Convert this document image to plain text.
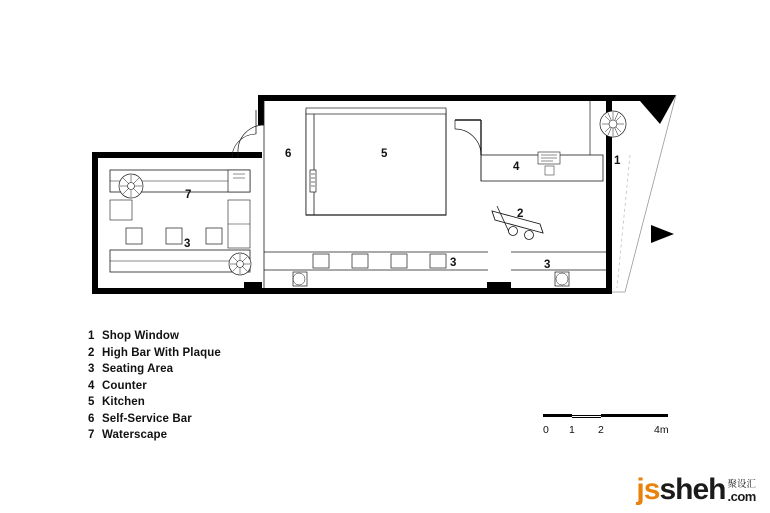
6	5
4	1
7
3
2
3	3
1 Shop Window
2 High Bar With Plaque
3 Seating Area
4 Counter
5 Kitchen
6 Self-Service Bar
7 Waterscape	0 1 2	4m
js sheh 聚设汇
.com
